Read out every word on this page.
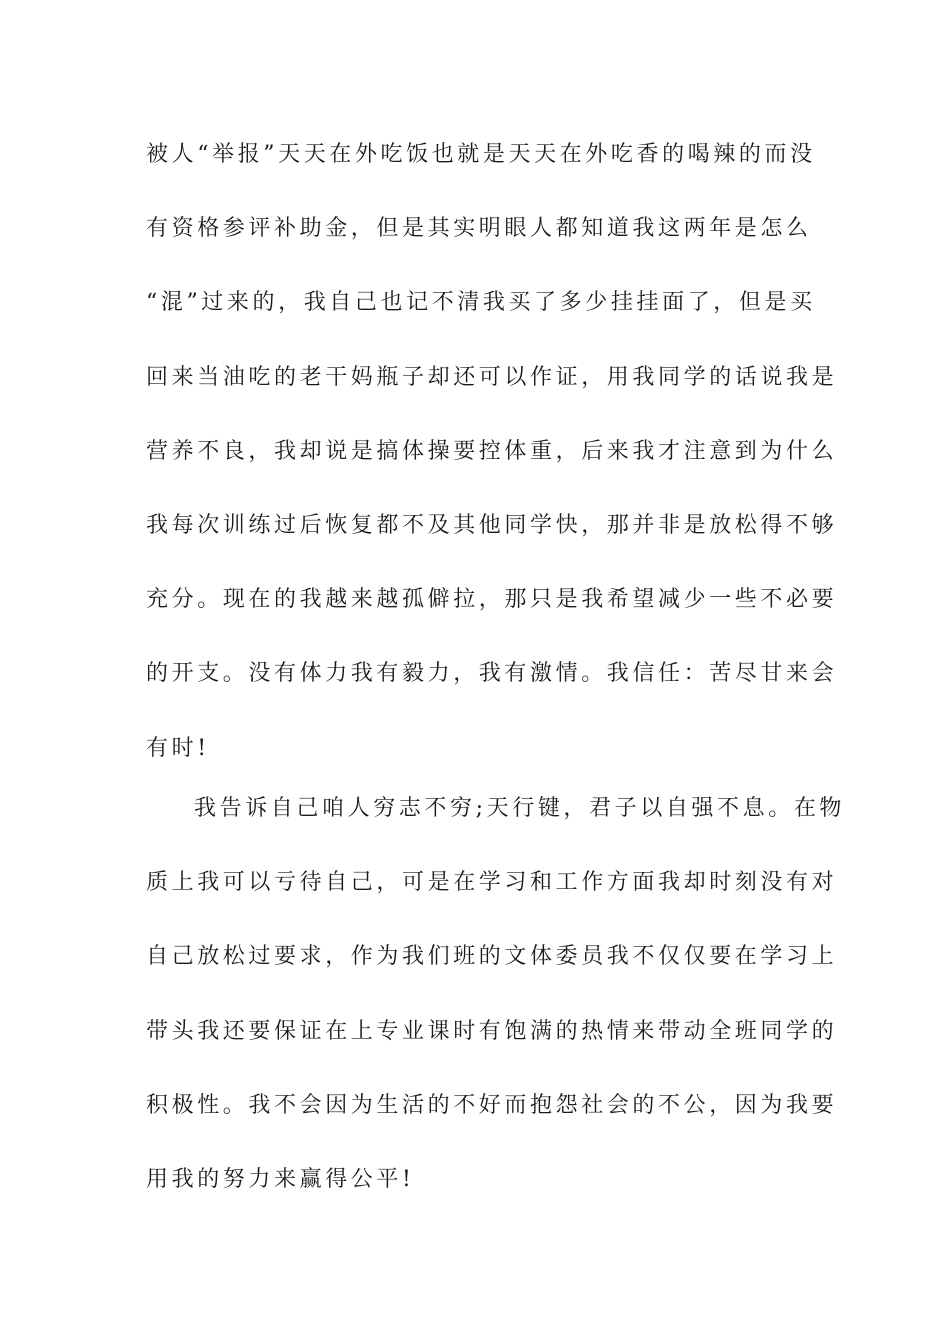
被人“举报”天天在外吃饭也就是天天在外吃香的喝辣的而没
有资格参评补助金，但是其实明眼人都知道我这两年是怎么
“混”过来的，我自己也记不清我买了多少挂挂面了，但是买
回来当油吃的老干妈瓶子却还可以作证，用我同学的话说我是
营养不良，我却说是搞体操要控体重，后来我才注意到为什么
我每次训练过后恢复都不及其他同学快，那并非是放松得不够
充分。现在的我越来越孤僻拉，那只是我希望减少一些不必要
的开支。没有体力我有毅力，我有激情。我信任：苦尽甘来会
有时!
我告诉自己咱人穷志不穷;天行键，君子以自强不息。在物
质上我可以亏待自己，可是在学习和工作方面我却时刻没有对
自己放松过要求，作为我们班的文体委员我不仅仅要在学习上
带头我还要保证在上专业课时有饱满的热情来带动全班同学的
积极性。我不会因为生活的不好而抱怨社会的不公，因为我要
用我的努力来赢得公平!
